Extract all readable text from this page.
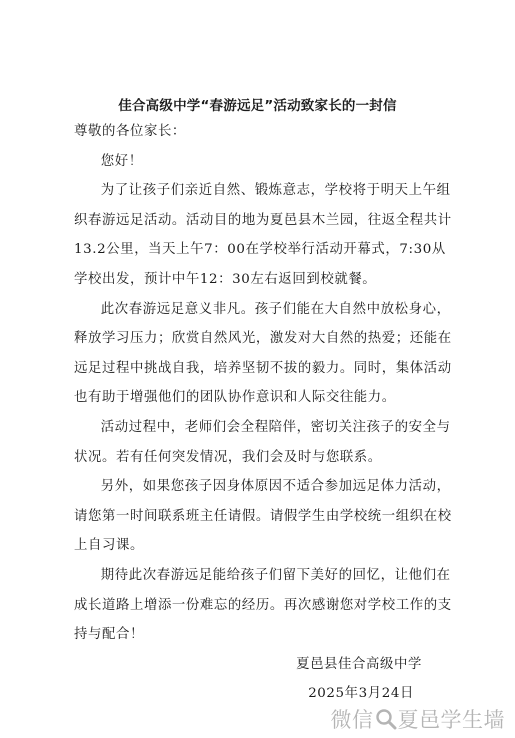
佳合高级中学“春游远足”活动致家长的一封信

尊敬的各位家长：

您好！

为了让孩子们亲近自然、锻炼意志，学校将于明天上午组织春游远足活动。活动目的地为夏邑县木兰园，往返全程共计13.2公里，当天上午7：00在学校举行活动开幕式，7:30从学校出发，预计中午12：30左右返回到校就餐。

此次春游远足意义非凡。孩子们能在大自然中放松身心，释放学习压力；欣赏自然风光，激发对大自然的热爱；还能在远足过程中挑战自我，培养坚韧不拔的毅力。同时，集体活动也有助于增强他们的团队协作意识和人际交往能力。

活动过程中，老师们会全程陪伴，密切关注孩子的安全与状况。若有任何突发情况，我们会及时与您联系。

另外，如果您孩子因身体原因不适合参加远足体力活动，请您第一时间联系班主任请假。请假学生由学校统一组织在校上自习课。

期待此次春游远足能给孩子们留下美好的回忆，让他们在成长道路上增添一份难忘的经历。再次感谢您对学校工作的支持与配合！

夏邑县佳合高级中学

2025年3月24日

微信 夏邑学生墙
